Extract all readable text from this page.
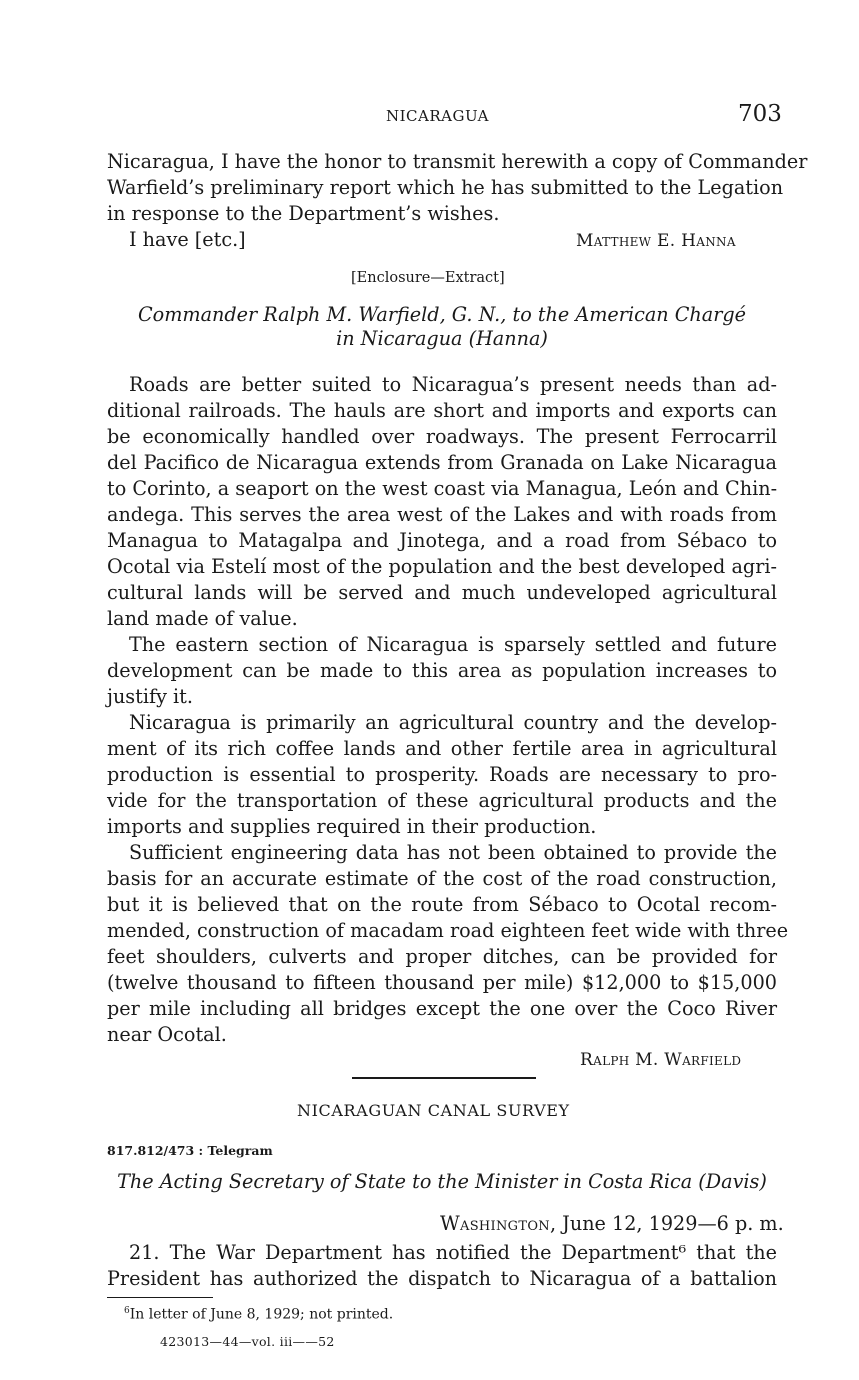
NICARAGUA	703
Nicaragua, I have the honor to transmit herewith a copy of Commander
Warfield’s preliminary report which he has submitted to the Legation
in response to the Department’s wishes.
I have [etc.]	Matthew E. Hanna
[Enclosure—Extract]
Commander Ralph M. Warfield, G. N., to the American Chargé
in Nicaragua (Hanna)
Roads are better suited to Nicaragua’s present needs than ad-
ditional railroads. The hauls are short and imports and exports can
be economically handled over roadways. The present Ferrocarril
del Pacifico de Nicaragua extends from Granada on Lake Nicaragua
to Corinto, a seaport on the west coast via Managua, León and Chin-
andega. This serves the area west of the Lakes and with roads from
Managua to Matagalpa and Jinotega, and a road from Sébaco to
Ocotal via Estelí most of the population and the best developed agri-
cultural lands will be served and much undeveloped agricultural
land made of value.
The eastern section of Nicaragua is sparsely settled and future
development can be made to this area as population increases to
justify it.
Nicaragua is primarily an agricultural country and the develop-
ment of its rich coffee lands and other fertile area in agricultural
production is essential to prosperity. Roads are necessary to pro-
vide for the transportation of these agricultural products and the
imports and supplies required in their production.
Sufficient engineering data has not been obtained to provide the
basis for an accurate estimate of the cost of the road construction,
but it is believed that on the route from Sébaco to Ocotal recom-
mended, construction of macadam road eighteen feet wide with three
feet shoulders, culverts and proper ditches, can be provided for
(twelve thousand to fifteen thousand per mile) $12,000 to $15,000
per mile including all bridges except the one over the Coco River
near Ocotal.
Ralph M. Warfield
NICARAGUAN CANAL SURVEY
817.812/473 : Telegram
The Acting Secretary of State to the Minister in Costa Rica (Davis)
Washington, June 12, 1929—6 p. m.
21. The War Department has notified the Department⁶ that the
President has authorized the dispatch to Nicaragua of a battalion
$^6$In letter of June 8, 1929; not printed.
423013—44—vol. iii——52
